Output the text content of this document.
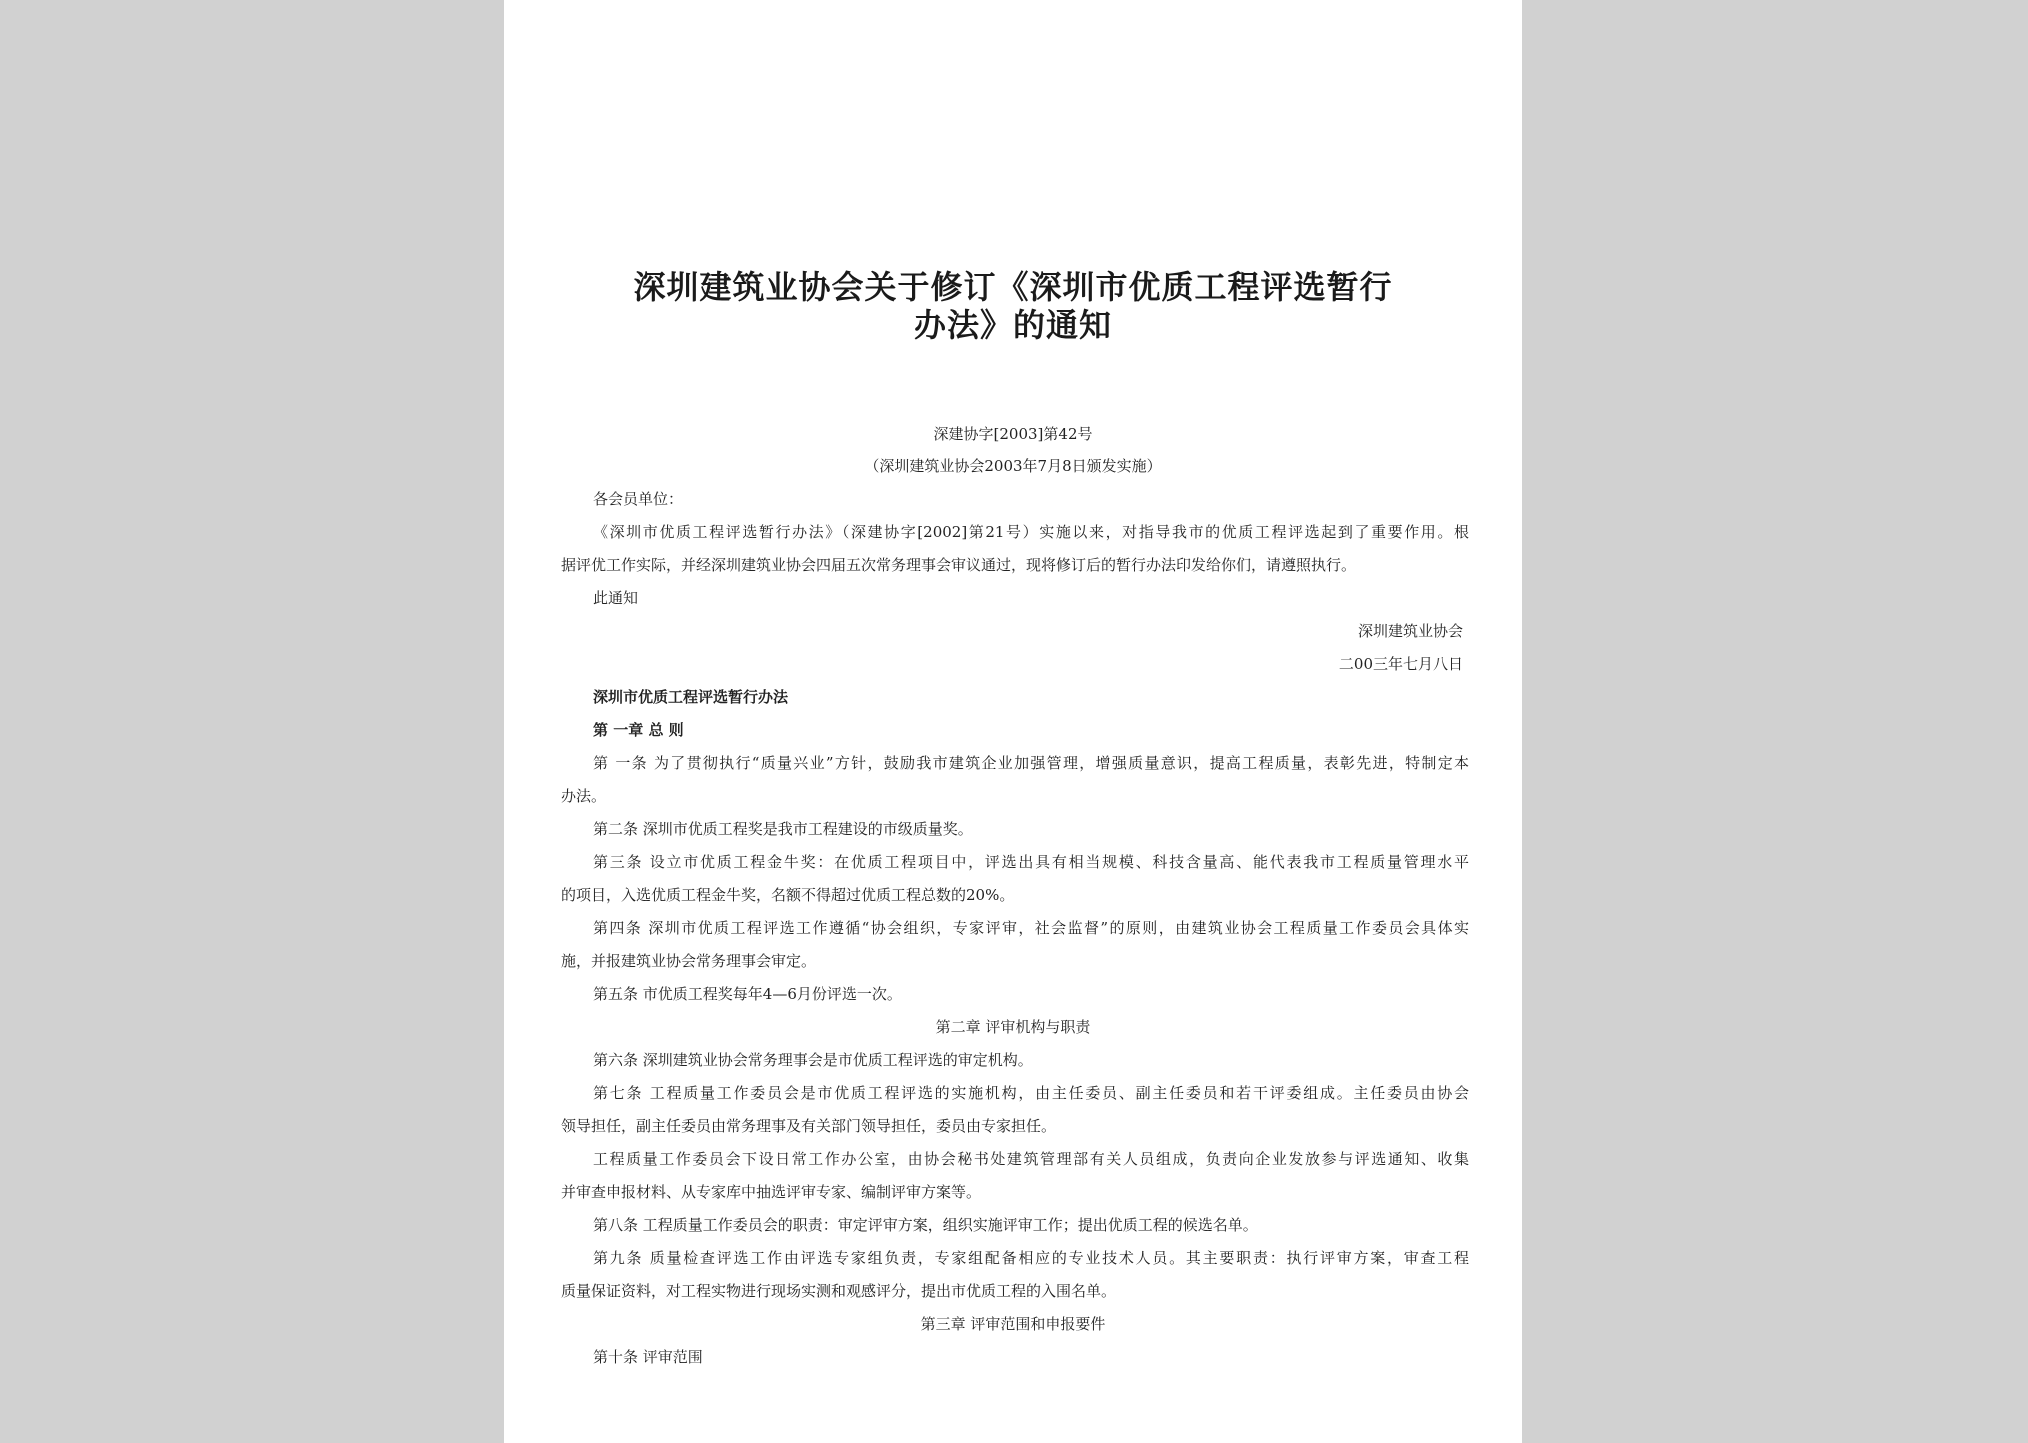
深圳建筑业协会关于修订《深圳市优质工程评选暂行
办法》的通知
深建协字[2003]第42号
（深圳建筑业协会2003年7月8日颁发实施）
各会员单位：
《深圳市优质工程评选暂行办法》（深建协字[2002]第21号）实施以来，对指导我市的优质工程评选起到了重要作用。根
据评优工作实际，并经深圳建筑业协会四届五次常务理事会审议通过，现将修订后的暂行办法印发给你们，请遵照执行。
此通知
深圳建筑业协会
二00三年七月八日
深圳市优质工程评选暂行办法
第 一章 总 则
第 一条 为了贯彻执行“质量兴业”方针，鼓励我市建筑企业加强管理，增强质量意识，提高工程质量，表彰先进，特制定本
办法。
第二条 深圳市优质工程奖是我市工程建设的市级质量奖。
第三条 设立市优质工程金牛奖：在优质工程项目中，评选出具有相当规模、科技含量高、能代表我市工程质量管理水平
的项目，入选优质工程金牛奖，名额不得超过优质工程总数的20%。
第四条 深圳市优质工程评选工作遵循“协会组织，专家评审，社会监督”的原则，由建筑业协会工程质量工作委员会具体实
施，并报建筑业协会常务理事会审定。
第五条 市优质工程奖每年4—6月份评选一次。
第二章 评审机构与职责
第六条 深圳建筑业协会常务理事会是市优质工程评选的审定机构。
第七条 工程质量工作委员会是市优质工程评选的实施机构，由主任委员、副主任委员和若干评委组成。主任委员由协会
领导担任，副主任委员由常务理事及有关部门领导担任，委员由专家担任。
工程质量工作委员会下设日常工作办公室，由协会秘书处建筑管理部有关人员组成，负责向企业发放参与评选通知、收集
并审查申报材料、从专家库中抽选评审专家、编制评审方案等。
第八条 工程质量工作委员会的职责：审定评审方案，组织实施评审工作；提出优质工程的候选名单。
第九条 质量检查评选工作由评选专家组负责，专家组配备相应的专业技术人员。其主要职责：执行评审方案，审查工程
质量保证资料，对工程实物进行现场实测和观感评分，提出市优质工程的入围名单。
第三章 评审范围和申报要件
第十条 评审范围
